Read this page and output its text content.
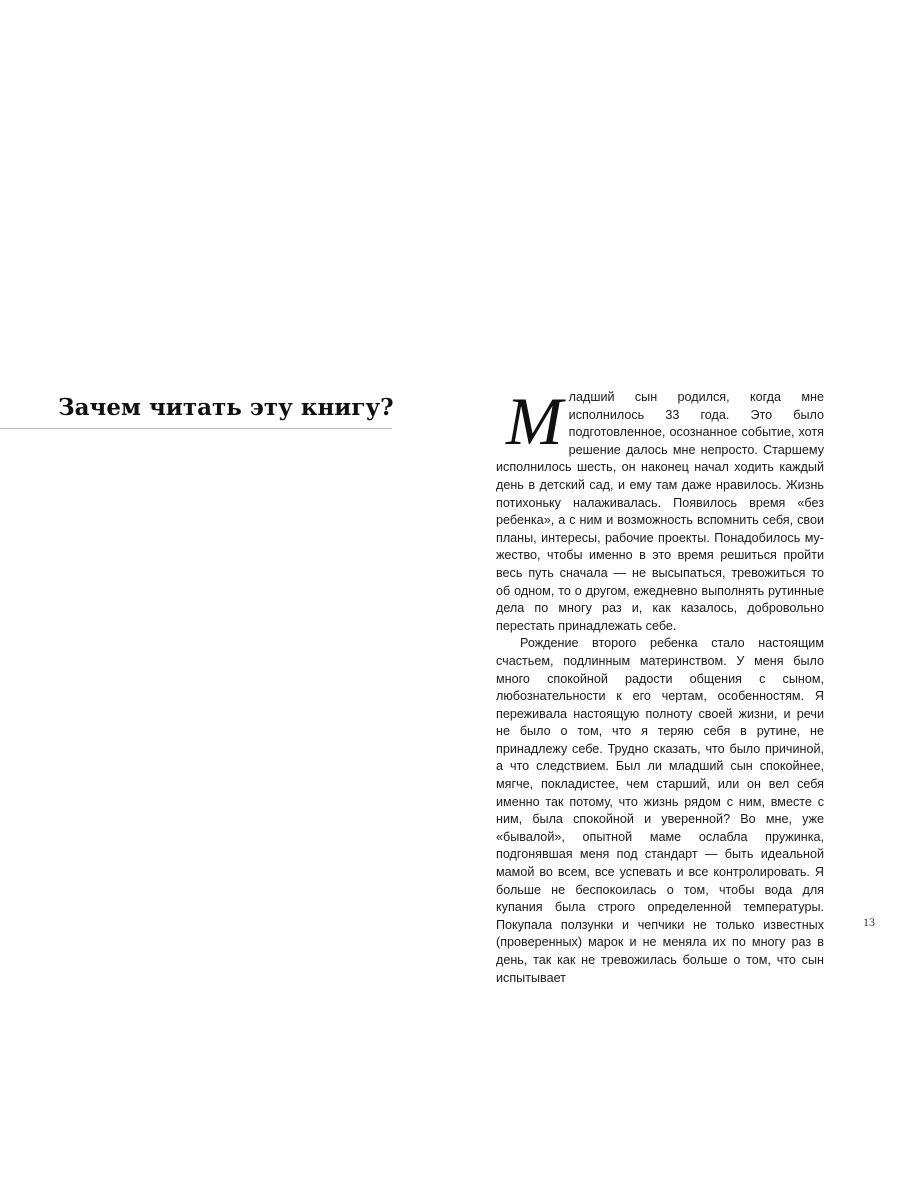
Зачем читать эту книгу? Младший сын родился, когда мне исполнилось 33 года. Это было подготовленное, осознанное событие, хотя решение далось мне непросто. Старшему исполнилось шесть, он наконец начал ходить каждый день в детский сад, и ему там даже нравилось. Жизнь потихоньку налаживалась. Появилось время «без ребенка», а с ним и возможность вспомнить себя, свои планы, интересы, рабочие проекты. Понадобилось мужество, чтобы именно в это время решиться пройти весь путь сначала — не высыпаться, тревожиться то об одном, то о другом, ежедневно выполнять рутинные дела по многу раз и, как казалось, добровольно перестать принадлежать себе.

Рождение второго ребенка стало настоящим счастьем, подлинным материнством. У меня было много спокойной радости общения с сыном, любознательности к его чертам, особенностям. Я переживала настоящую полноту своей жизни, и речи не было о том, что я теряю себя в рутине, не принадлежу себе. Трудно сказать, что было причиной, а что следствием. Был ли младший сын спокойнее, мягче, покладистее, чем старший, или он вел себя именно так потому, что жизнь рядом с ним, вместе с ним, была спокойной и уверенной? Во мне, уже «бывалой», опытной маме ослабла пружинка, подгонявшая меня под стандарт — быть идеальной мамой во всем, все успевать и все контролировать. Я больше не беспокоилась о том, чтобы вода для купания была строго определенной температуры. Покупала ползунки и чепчики не только известных (проверенных) марок и не меняла их по многу раз в день, так как не тревожилась больше о том, что сын испытывает

13
